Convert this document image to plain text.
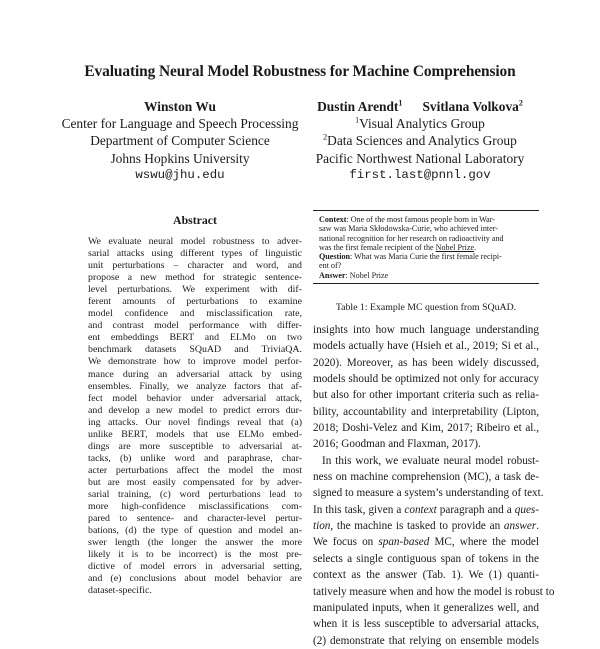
Evaluating Neural Model Robustness for Machine Comprehension
Winston Wu
Center for Language and Speech Processing
Department of Computer Science
Johns Hopkins University
wswu@jhu.edu
Dustin Arendt$^1$ Svitlana Volkova$^2$
$^1$Visual Analytics Group
$^2$Data Sciences and Analytics Group
Pacific Northwest National Laboratory
first.last@pnnl.gov
Abstract
We evaluate neural model robustness to adver-
sarial attacks using different types of linguistic
unit perturbations – character and word, and
propose a new method for strategic sentence-
level perturbations. We experiment with dif-
ferent amounts of perturbations to examine
model confidence and misclassification rate,
and contrast model performance with differ-
ent embeddings BERT and ELMo on two
benchmark datasets SQuAD and TriviaQA.
We demonstrate how to improve model perfor-
mance during an adversarial attack by using
ensembles. Finally, we analyze factors that af-
fect model behavior under adversarial attack,
and develop a new model to predict errors dur-
ing attacks. Our novel findings reveal that (a)
unlike BERT, models that use ELMo embed-
dings are more susceptible to adversarial at-
tacks, (b) unlike word and paraphrase, char-
acter perturbations affect the model the most
but are most easily compensated for by adver-
sarial training, (c) word perturbations lead to
more high-confidence misclassifications com-
pared to sentence- and character-level pertur-
bations, (d) the type of question and model an-
swer length (the longer the answer the more
likely it is to be incorrect) is the most pre-
dictive of model errors in adversarial setting,
and (e) conclusions about model behavior are
dataset-specific.
Context: One of the most famous people born in War-
saw was Maria Skłodowska-Curie, who achieved inter-
national recognition for her research on radioactivity and
was the first female recipient of the Nobel Prize.
Question: What was Maria Curie the first female recipi-
ent of?
Answer: Nobel Prize
Table 1: Example MC question from SQuAD.
insights into how much language understanding
models actually have (Hsieh et al., 2019; Si et al.,
2020). Moreover, as has been widely discussed,
models should be optimized not only for accuracy
but also for other important criteria such as relia-
bility, accountability and interpretability (Lipton,
2018; Doshi-Velez and Kim, 2017; Ribeiro et al.,
2016; Goodman and Flaxman, 2017).
In this work, we evaluate neural model robust-
ness on machine comprehension (MC), a task de-
signed to measure a system’s understanding of text.
In this task, given a context paragraph and a ques-
tion, the machine is tasked to provide an answer.
We focus on span-based MC, where the model
selects a single contiguous span of tokens in the
context as the answer (Tab. 1). We (1) quanti-
tatively measure when and how the model is robust to
manipulated inputs, when it generalizes well, and
when it is less susceptible to adversarial attacks,
(2) demonstrate that relying on ensemble models
